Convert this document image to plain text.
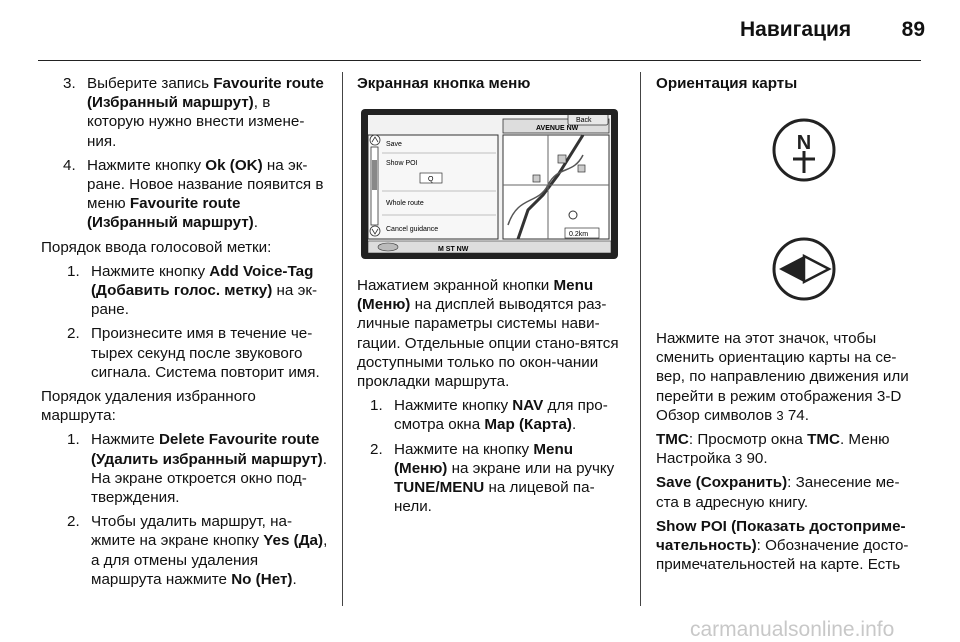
Навигация	89
3. Выберите запись Favourite route (Избранный маршрут), в которую нужно внести измене-ния.
4. Нажмите кнопку Ok (OK) на эк-ране. Новое название появится в меню Favourite route (Избранный маршрут).

Порядок ввода голосовой метки:

1. Нажмите кнопку Add Voice-Tag (Добавить голос. метку) на эк-ране.
2. Произнесите имя в течение че-тырех секунд после звукового сигнала. Система повторит имя.

Порядок удаления избранного маршрута:

1. Нажмите Delete Favourite route (Удалить избранный маршрут). На экране откроется окно под-тверждения.
2. Чтобы удалить маршрут, на-жмите на экране кнопку Yes (Да), а для отмены удаления маршрута нажмите No (Нет).

Экранная кнопка меню

0.2km
Back
AVENUE NW
Save
Show POI
Q
Whole route
Cancel guidance
M ST NW

Нажатием экранной кнопки Menu (Меню) на дисплей выводятся раз-личные параметры системы нави-гации. Отдельные опции стано-вятся доступными только по окон-чании прокладки маршрута.

1. Нажмите кнопку NAV для про-смотра окна Map (Карта).
2. Нажмите на кнопку Menu (Меню) на экране или на ручку TUNE/MENU на лицевой па-нели.

Ориентация карты

N

Нажмите на этот значок, чтобы сменить ориентацию карты на се-вер, по направлению движения или перейти в режим отображения 3-D Обзор символов 3 74.

TMC: Просмотр окна TMC. Меню Настройка 3 90.

Save (Сохранить): Занесение ме-ста в адресную книгу.

Show POI (Показать достоприме-чательность): Обозначение досто-примечательностей на карте. Есть

carmanualsonline.info
